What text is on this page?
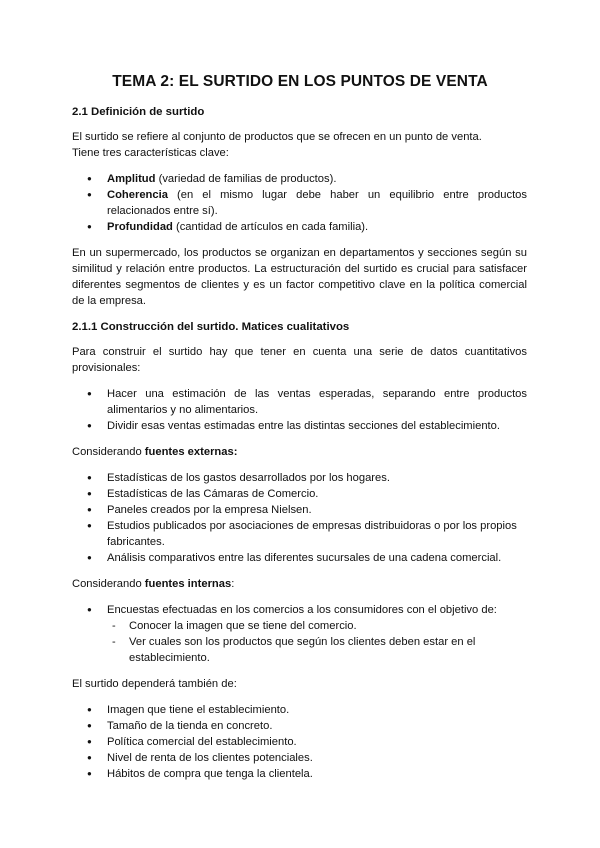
TEMA 2: EL SURTIDO EN LOS PUNTOS DE VENTA
2.1 Definición de surtido

El surtido se refiere al conjunto de productos que se ofrecen en un punto de venta.
Tiene tres características clave:

● Amplitud (variedad de familias de productos).
● Coherencia (en el mismo lugar debe haber un equilibrio entre productos relacionados entre sí).
● Profundidad (cantidad de artículos en cada familia).

En un supermercado, los productos se organizan en departamentos y secciones según su similitud y relación entre productos. La estructuración del surtido es crucial para satisfacer diferentes segmentos de clientes y es un factor competitivo clave en la política comercial de la empresa.

2.1.1 Construcción del surtido. Matices cualitativos

Para construir el surtido hay que tener en cuenta una serie de datos cuantitativos provisionales:

● Hacer una estimación de las ventas esperadas, separando entre productos alimentarios y no alimentarios.
● Dividir esas ventas estimadas entre las distintas secciones del establecimiento.

Considerando fuentes externas:

● Estadísticas de los gastos desarrollados por los hogares.
● Estadísticas de las Cámaras de Comercio.
● Paneles creados por la empresa Nielsen.
● Estudios publicados por asociaciones de empresas distribuidoras o por los propios fabricantes.
● Análisis comparativos entre las diferentes sucursales de una cadena comercial.

Considerando fuentes internas:

● Encuestas efectuadas en los comercios a los consumidores con el objetivo de:
- Conocer la imagen que se tiene del comercio.
- Ver cuales son los productos que según los clientes deben estar en el establecimiento.

El surtido dependerá también de:

● Imagen que tiene el establecimiento.
● Tamaño de la tienda en concreto.
● Política comercial del establecimiento.
● Nivel de renta de los clientes potenciales.
● Hábitos de compra que tenga la clientela.
